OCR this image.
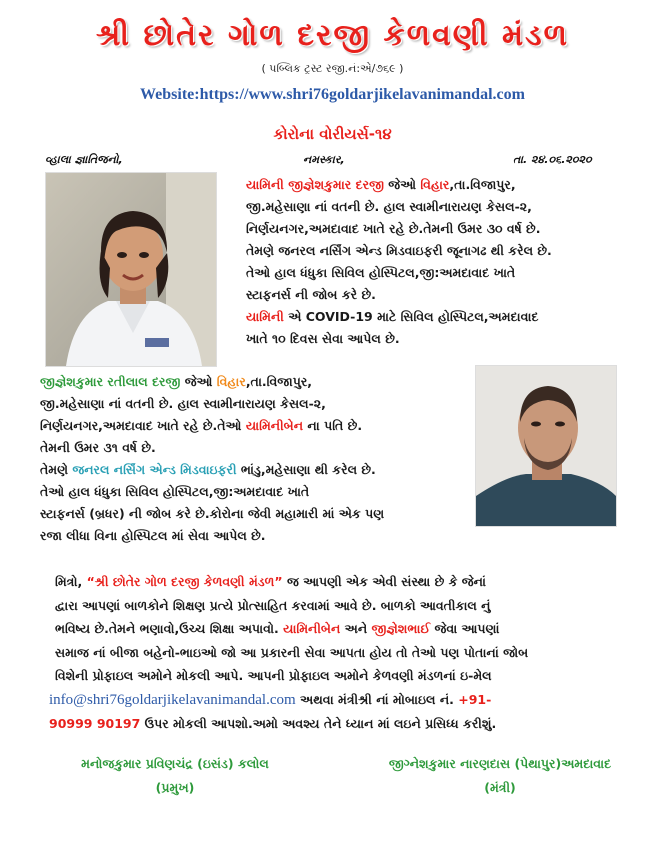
શ્રી છોતેર ગોળ દરજી કેળવણી મંડળ
( પબ્લિક ટ્રસ્ટ રજી.નં:એ/૭૬૯ )
Website:https://www.shri76goldarjikelavanimandal.com
કોરોના વોરીયર્સ-૧૪
વ્હાલા જ્ઞાતિજનો,	નમસ્કાર,	તા. ૨૪.૦૬.૨૦૨૦
યામિની જીજ્ઞેશકુમાર દરજી જેઓ વિહાર,તા.વિજાપુર,
જી.મહેસાણા નાં વતની છે. હાલ સ્વામીનારાયણ કેસલ-૨,
નિર્ણયનગર,અમદાવાદ ખાતે રહે છે.તેમની ઉમર ૩૦ વર્ષ છે.
તેમણે જનરલ નર્સિંગ એન્ડ મિડવાઇફરી જૂનાગઢ થી કરેલ છે.
તેઓ હાલ ધંધુકા સિવિલ હોસ્પિટલ,જી:અમદાવાદ ખાતે
સ્ટાફનર્સ ની જોબ કરે છે.
યામિની એ COVID-19 માટે સિવિલ હોસ્પિટલ,અમદાવાદ
ખાતે ૧૦ દિવસ સેવા આપેલ છે.
જીજ્ઞેશકુમાર રતીલાલ દરજી જેઓ વિહાર,તા.વિજાપુર,
જી.મહેસાણા નાં વતની છે. હાલ સ્વામીનારાયણ કેસલ-૨,
નિર્ણયનગર,અમદાવાદ ખાતે રહે છે.તેઓ યામિનીબેન ના પતિ છે.
તેમની ઉમર ૩૧ વર્ષ છે.
તેમણે જનરલ નર્સિંગ એન્ડ મિડવાઇફરી ભાંડુ,મહેસાણા થી કરેલ છે.
તેઓ હાલ ધંધુકા સિવિલ હોસ્પિટલ,જી:અમદાવાદ ખાતે
સ્ટાફનર્સ (બ્રધર) ની જોબ કરે છે.કોરોના જેવી મહામારી માં એક પણ
રજા લીધા વિના હોસ્પિટલ માં સેવા આપેલ છે.
મિત્રો, “શ્રી છોતેર ગોળ દરજી કેળવણી મંડળ” જ આપણી એક એવી સંસ્થા છે કે જેનાં
દ્વારા આપણાં બાળકોને શિક્ષણ પ્રત્યે પ્રોત્સાહિત કરવામાં આવે છે. બાળકો આવતીકાલ નું
ભવિષ્ય છે.તેમને ભણાવો,ઉચ્ચ શિક્ષા અપાવો. યામિનીબેન અને જીજ્ઞેશભાઈ જેવા આપણાં
સમાજ નાં બીજા બહેનો-ભાઇઓ જો આ પ્રકારની સેવા આપતા હોય તો તેઓ પણ પોતાનાં જોબ
વિશેની પ્રોફાઇલ અમોને મોકલી આપે. આપની પ્રોફાઇલ અમોને કેળવણી મંડળનાં ઇ-મેલ
info@shri76goldarjikelavanimandal.com અથવા મંત્રીશ્રી નાં મોબાઇલ નં. +91-
90999 90197 ઉપર મોકલી આપશો.અમો અવશ્ય તેને ધ્યાન માં લઇને પ્રસિધ્ધ કરીશું.
મનોજકુમાર પ્રવિણચંદ્ર (ઇસંડ) કલોલ
(પ્રમુખ)
જીગ્નેશકુમાર નારણદાસ (પેથાપુર)અમદાવાદ
(મંત્રી)
